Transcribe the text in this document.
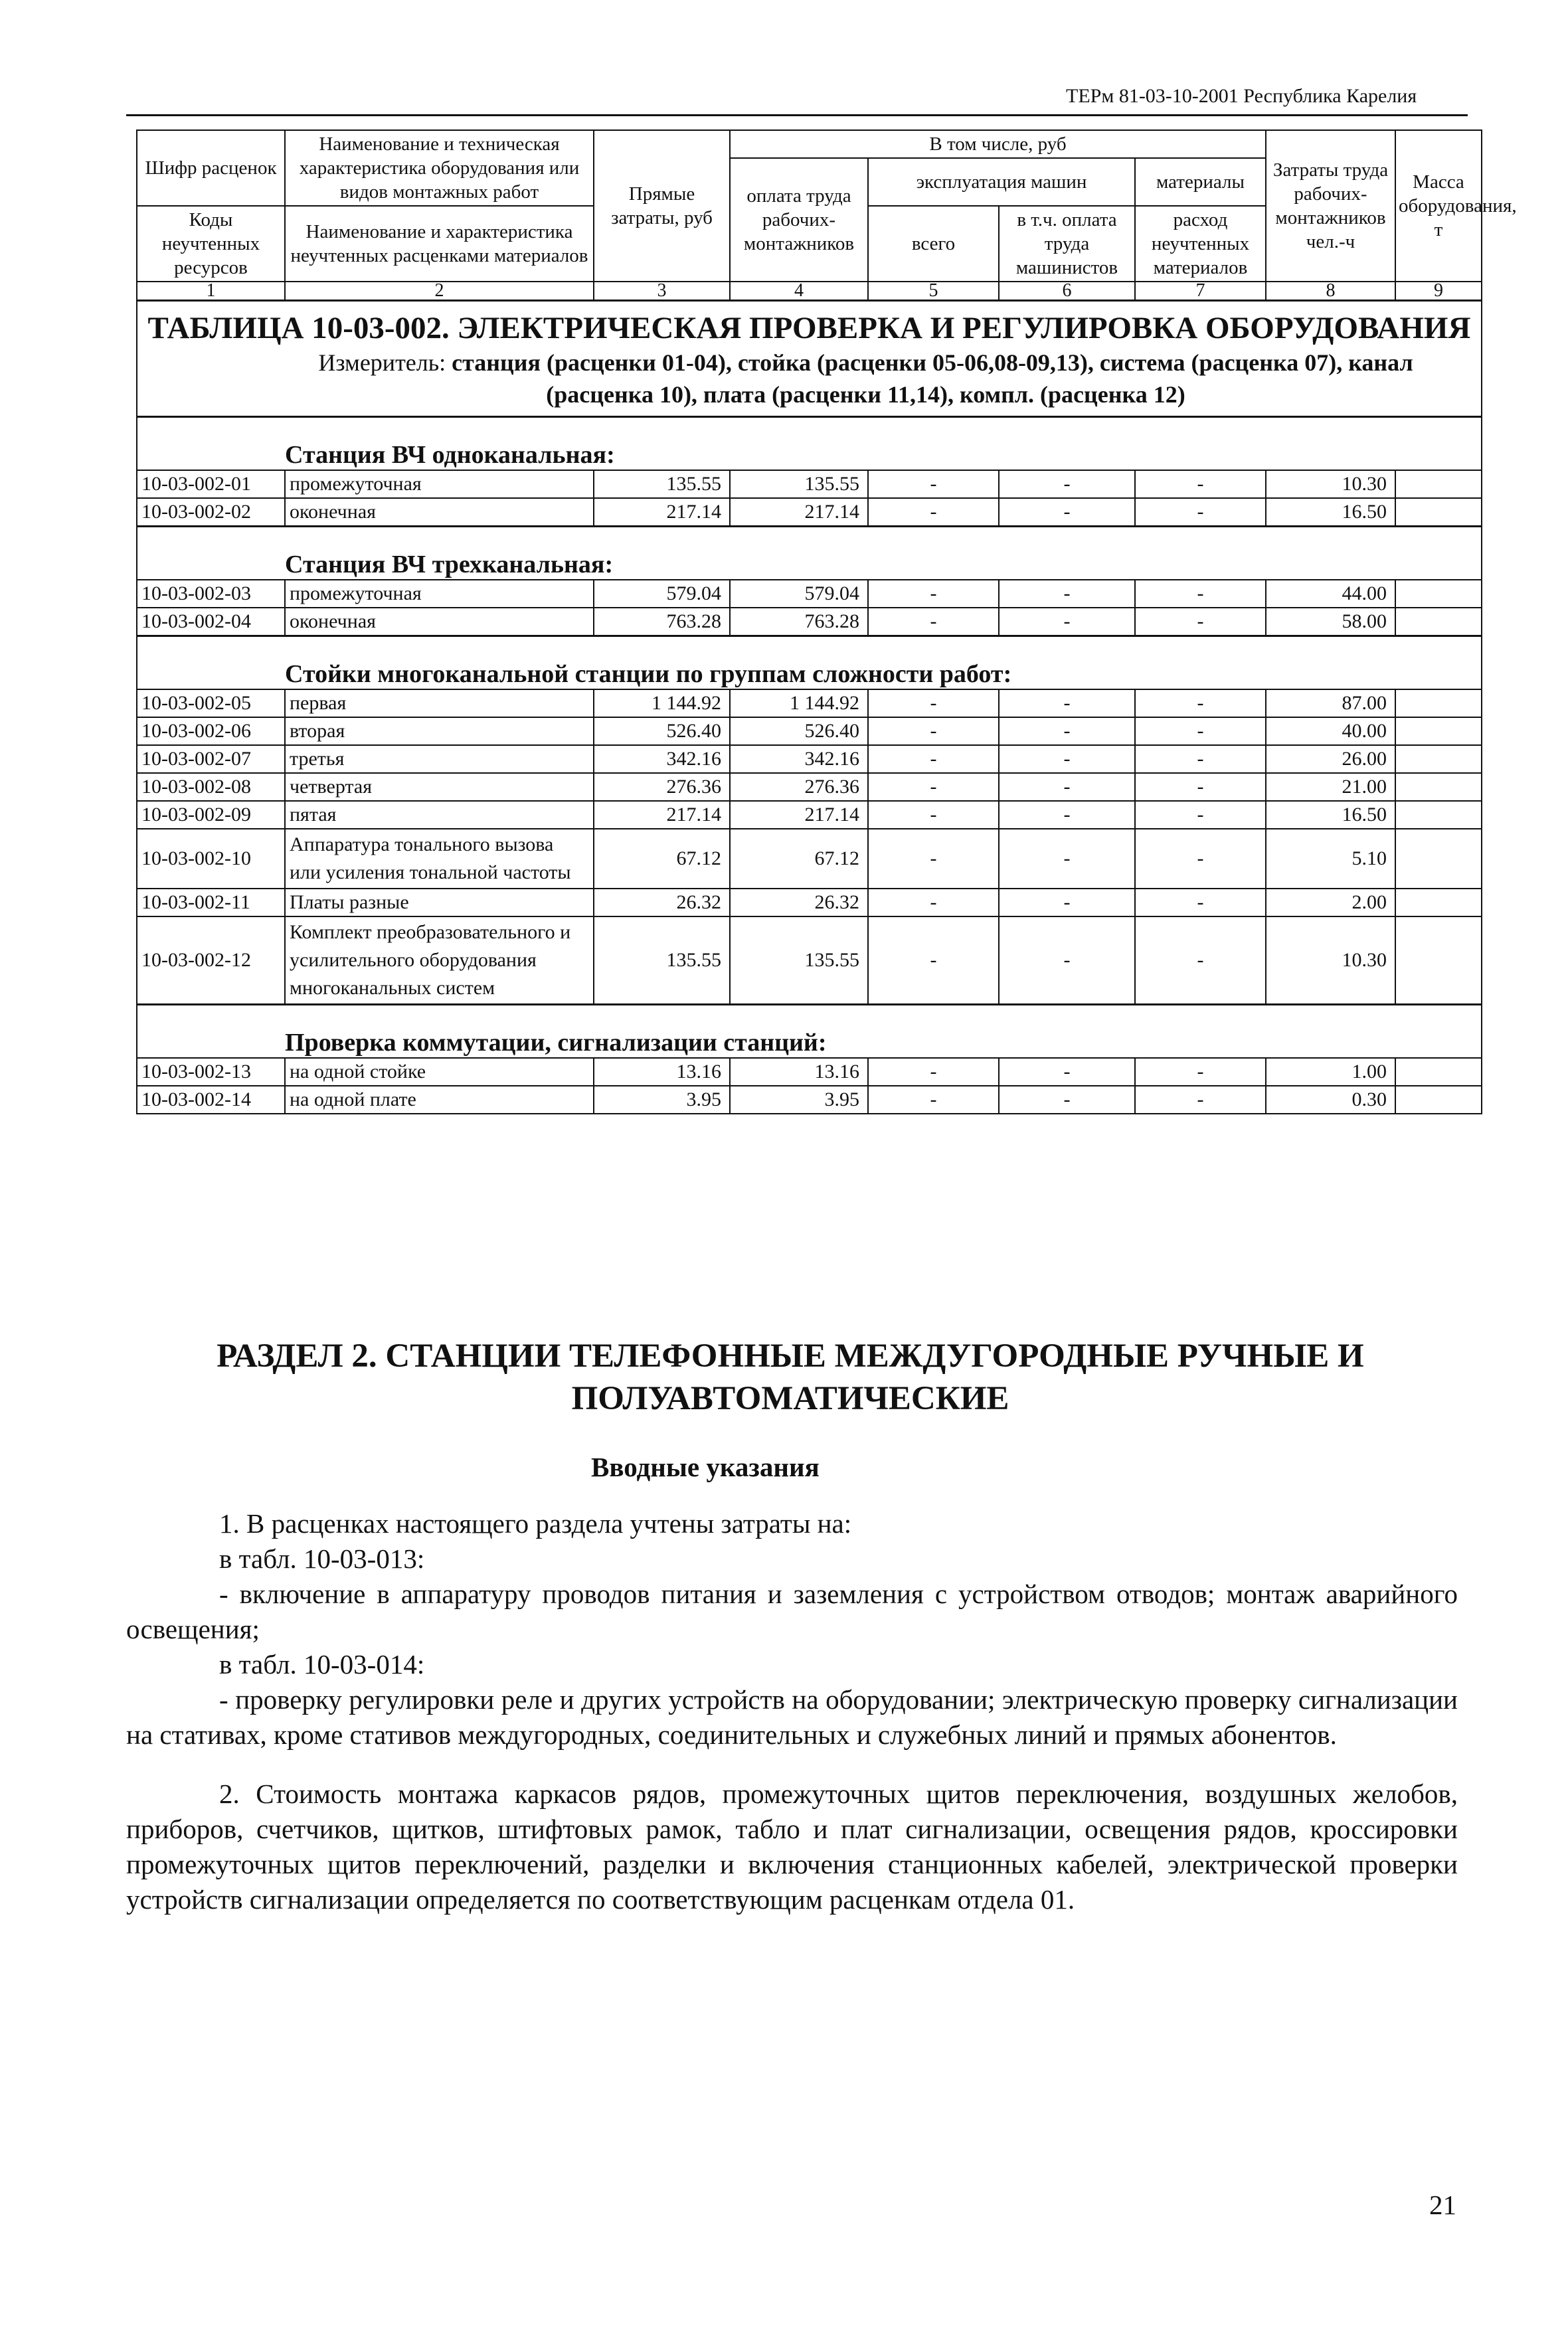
ТЕРм 81-03-10-2001 Республика Карелия
Шифр расценок	Наименование и техническая характеристика оборудования или видов монтажных работ	Прямые затраты, руб	В том числе, руб				Затраты труда рабочих-монтажников чел.-ч	Масса оборудования, т
			оплата труда рабочих-монтажников	эксплуатация машин		материалы		
Коды неучтенных ресурсов	Наименование и характеристика неучтенных расценками материалов			всего	в т.ч. оплата труда машинистов	расход неучтенных материалов		

1	2	3	4	5	6	7	8	9

ТАБЛИЦА 10-03-002. ЭЛЕКТРИЧЕСКАЯ ПРОВЕРКА И РЕГУЛИРОВКА ОБОРУДОВАНИЯ
Измеритель: станция (расценки 01-04), стойка (расценки 05-06,08-09,13), система (расценка 07), канал (расценка 10), плата (расценки 11,14), компл. (расценка 12)								

Станция ВЧ одноканальная:								
10-03-002-01	промежуточная	135.55	135.55	-	-	-	10.30	
10-03-002-02	оконечная	217.14	217.14	-	-	-	16.50	
Станция ВЧ трехканальная:								
10-03-002-03	промежуточная	579.04	579.04	-	-	-	44.00	
10-03-002-04	оконечная	763.28	763.28	-	-	-	58.00	
Стойки многоканальной станции по группам сложности работ:								
10-03-002-05	первая	1 144.92	1 144.92	-	-	-	87.00	
10-03-002-06	вторая	526.40	526.40	-	-	-	40.00	
10-03-002-07	третья	342.16	342.16	-	-	-	26.00	
10-03-002-08	четвертая	276.36	276.36	-	-	-	21.00	
10-03-002-09	пятая	217.14	217.14	-	-	-	16.50	
10-03-002-10	Аппаратура тонального вызова или усиления тональной частоты	67.12	67.12	-	-	-	5.10	
10-03-002-11	Платы разные	26.32	26.32	-	-	-	2.00	
10-03-002-12	Комплект преобразовательного и усилительного оборудования многоканальных систем	135.55	135.55	-	-	-	10.30	
Проверка коммутации, сигнализации станций:								
10-03-002-13	на одной стойке	13.16	13.16	-	-	-	1.00	
10-03-002-14	на одной плате	3.95	3.95	-	-	-	0.30	
РАЗДЕЛ 2. СТАНЦИИ ТЕЛЕФОННЫЕ МЕЖДУГОРОДНЫЕ РУЧНЫЕ И ПОЛУАВТОМАТИЧЕСКИЕ
Вводные указания

1. В расценках настоящего раздела учтены затраты на:

в табл. 10-03-013:

- включение в аппаратуру проводов питания и заземления с устройством отводов; монтаж аварийного освещения;

в табл. 10-03-014:

- проверку регулировки реле и других устройств на оборудовании; электрическую проверку сигнализации на стативах, кроме стативов междугородных, соединительных и служебных линий и прямых абонентов.

2. Стоимость монтажа каркасов рядов, промежуточных щитов переключения, воздушных желобов, приборов, счетчиков, щитков, штифтовых рамок, табло и плат сигнализации, освещения рядов, кроссировки промежуточных щитов переключений, разделки и включения станционных кабелей, электрической проверки устройств сигнализации определяется по соответствующим расценкам отдела 01.

21
